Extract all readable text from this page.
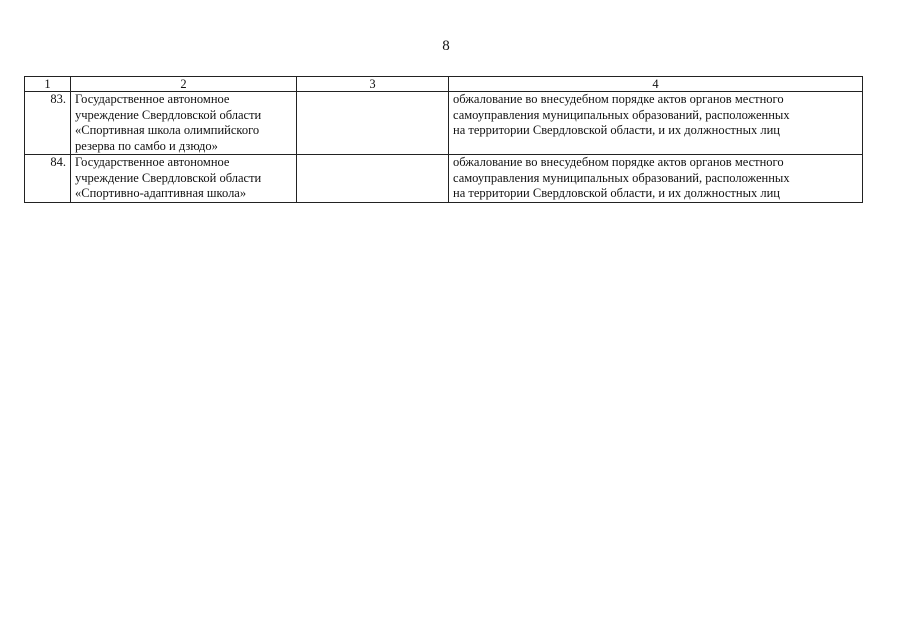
8
1	2	3	4
83.	Государственное автономное
учреждение Свердловской области
«Спортивная школа олимпийского
резерва по самбо и дзюдо»		обжалование во внесудебном порядке актов органов местного
самоуправления муниципальных образований, расположенных
на территории Свердловской области, и их должностных лиц

84.	Государственное автономное
учреждение Свердловской области
«Спортивно-адаптивная школа»		обжалование во внесудебном порядке актов органов местного
самоуправления муниципальных образований, расположенных
на территории Свердловской области, и их должностных лиц
